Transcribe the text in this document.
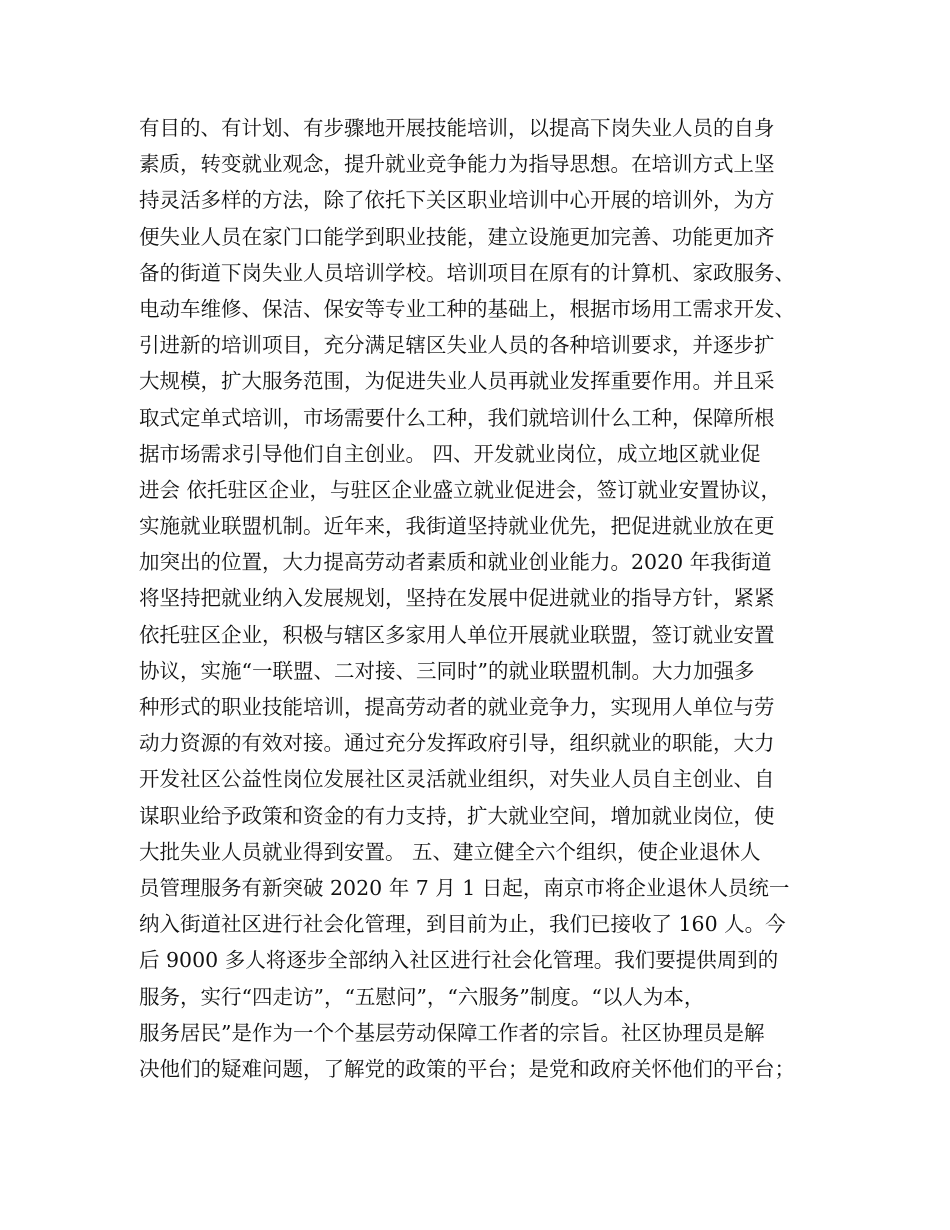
有目的、有计划、有步骤地开展技能培训，以提高下岗失业人员的自身
素质，转变就业观念，提升就业竞争能力为指导思想。在培训方式上坚
持灵活多样的方法，除了依托下关区职业培训中心开展的培训外，为方
便失业人员在家门口能学到职业技能，建立设施更加完善、功能更加齐
备的街道下岗失业人员培训学校。培训项目在原有的计算机、家政服务、
电动车维修、保洁、保安等专业工种的基础上，根据市场用工需求开发、
引进新的培训项目，充分满足辖区失业人员的各种培训要求，并逐步扩
大规模，扩大服务范围，为促进失业人员再就业发挥重要作用。并且采
取式定单式培训，市场需要什么工种，我们就培训什么工种，保障所根
据市场需求引导他们自主创业。 四、开发就业岗位，成立地区就业促
进会 依托驻区企业，与驻区企业盛立就业促进会，签订就业安置协议，
实施就业联盟机制。近年来，我街道坚持就业优先，把促进就业放在更
加突出的位置，大力提高劳动者素质和就业创业能力。2020 年我街道
将坚持把就业纳入发展规划，坚持在发展中促进就业的指导方针，紧紧
依托驻区企业，积极与辖区多家用人单位开展就业联盟，签订就业安置
协议，实施“一联盟、二对接、三同时”的就业联盟机制。大力加强多
种形式的职业技能培训，提高劳动者的就业竞争力，实现用人单位与劳
动力资源的有效对接。通过充分发挥政府引导，组织就业的职能，大力
开发社区公益性岗位发展社区灵活就业组织，对失业人员自主创业、自
谋职业给予政策和资金的有力支持，扩大就业空间，增加就业岗位，使
大批失业人员就业得到安置。 五、建立健全六个组织，使企业退休人
员管理服务有新突破 2020 年 7 月 1 日起，南京市将企业退休人员统一
纳入街道社区进行社会化管理，到目前为止，我们已接收了 160 人。今
后 9000 多人将逐步全部纳入社区进行社会化管理。我们要提供周到的
服务，实行“四走访”，“五慰问”，“六服务”制度。“以人为本，
服务居民”是作为一个个基层劳动保障工作者的宗旨。社区协理员是解
决他们的疑难问题，了解党的政策的平台；是党和政府关怀他们的平台；
